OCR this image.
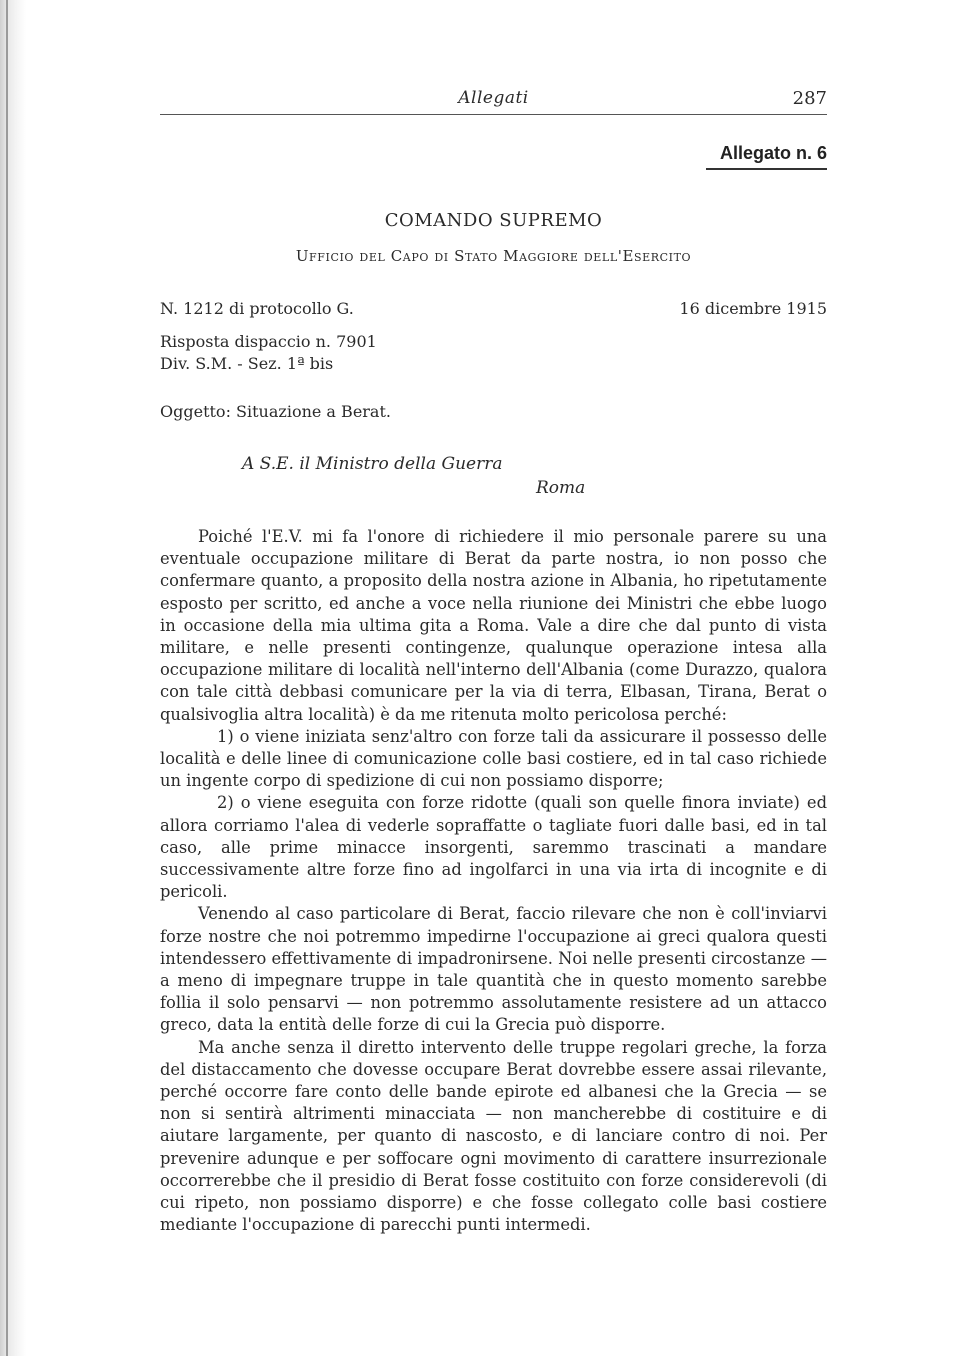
Allegati	287
Allegato n. 6
COMANDO SUPREMO
Ufficio del Capo di Stato Maggiore dell'Esercito
N. 1212 di protocollo G.	16 dicembre 1915
Risposta dispaccio n. 7901
Div. S.M. - Sez. 1ª bis
Oggetto: Situazione a Berat.
A S.E. il Ministro della Guerra
Roma

Poiché l'E.V. mi fa l'onore di richiedere il mio personale parere su una eventuale occupazione militare di Berat da parte nostra, io non posso che confermare quanto, a proposito della nostra azione in Albania, ho ripetutamente esposto per scritto, ed anche a voce nella riunione dei Ministri che ebbe luogo in occasione della mia ultima gita a Roma. Vale a dire che dal punto di vista militare, e nelle presenti contingenze, qualunque operazione intesa alla occupazione militare di località nell'interno dell'Albania (come Durazzo, qualora con tale città debbasi comunicare per la via di terra, Elbasan, Tirana, Berat o qualsivoglia altra località) è da me ritenuta molto pericolosa perché:

1) o viene iniziata senz'altro con forze tali da assicurare il possesso delle località e delle linee di comunicazione colle basi costiere, ed in tal caso richiede un ingente corpo di spedizione di cui non possiamo disporre;

2) o viene eseguita con forze ridotte (quali son quelle finora inviate) ed allora corriamo l'alea di vederle sopraffatte o tagliate fuori dalle basi, ed in tal caso, alle prime minacce insorgenti, saremmo trascinati a mandare successivamente altre forze fino ad ingolfarci in una via irta di incognite e di pericoli.

Venendo al caso particolare di Berat, faccio rilevare che non è coll'inviarvi forze nostre che noi potremmo impedirne l'occupazione ai greci qualora questi intendessero effettivamente di impadronirsene. Noi nelle presenti circostanze — a meno di impegnare truppe in tale quantità che in questo momento sarebbe follia il solo pensarvi — non potremmo assolutamente resistere ad un attacco greco, data la entità delle forze di cui la Grecia può disporre.

Ma anche senza il diretto intervento delle truppe regolari greche, la forza del distaccamento che dovesse occupare Berat dovrebbe essere assai rilevante, perché occorre fare conto delle bande epirote ed albanesi che la Grecia — se non si sentirà altrimenti minacciata — non mancherebbe di costituire e di aiutare largamente, per quanto di nascosto, e di lanciare contro di noi. Per prevenire adunque e per soffocare ogni movimento di carattere insurrezionale occorrerebbe che il presidio di Berat fosse costituito con forze considerevoli (di cui ripeto, non possiamo disporre) e che fosse collegato colle basi costiere mediante l'occupazione di parecchi punti intermedi.
